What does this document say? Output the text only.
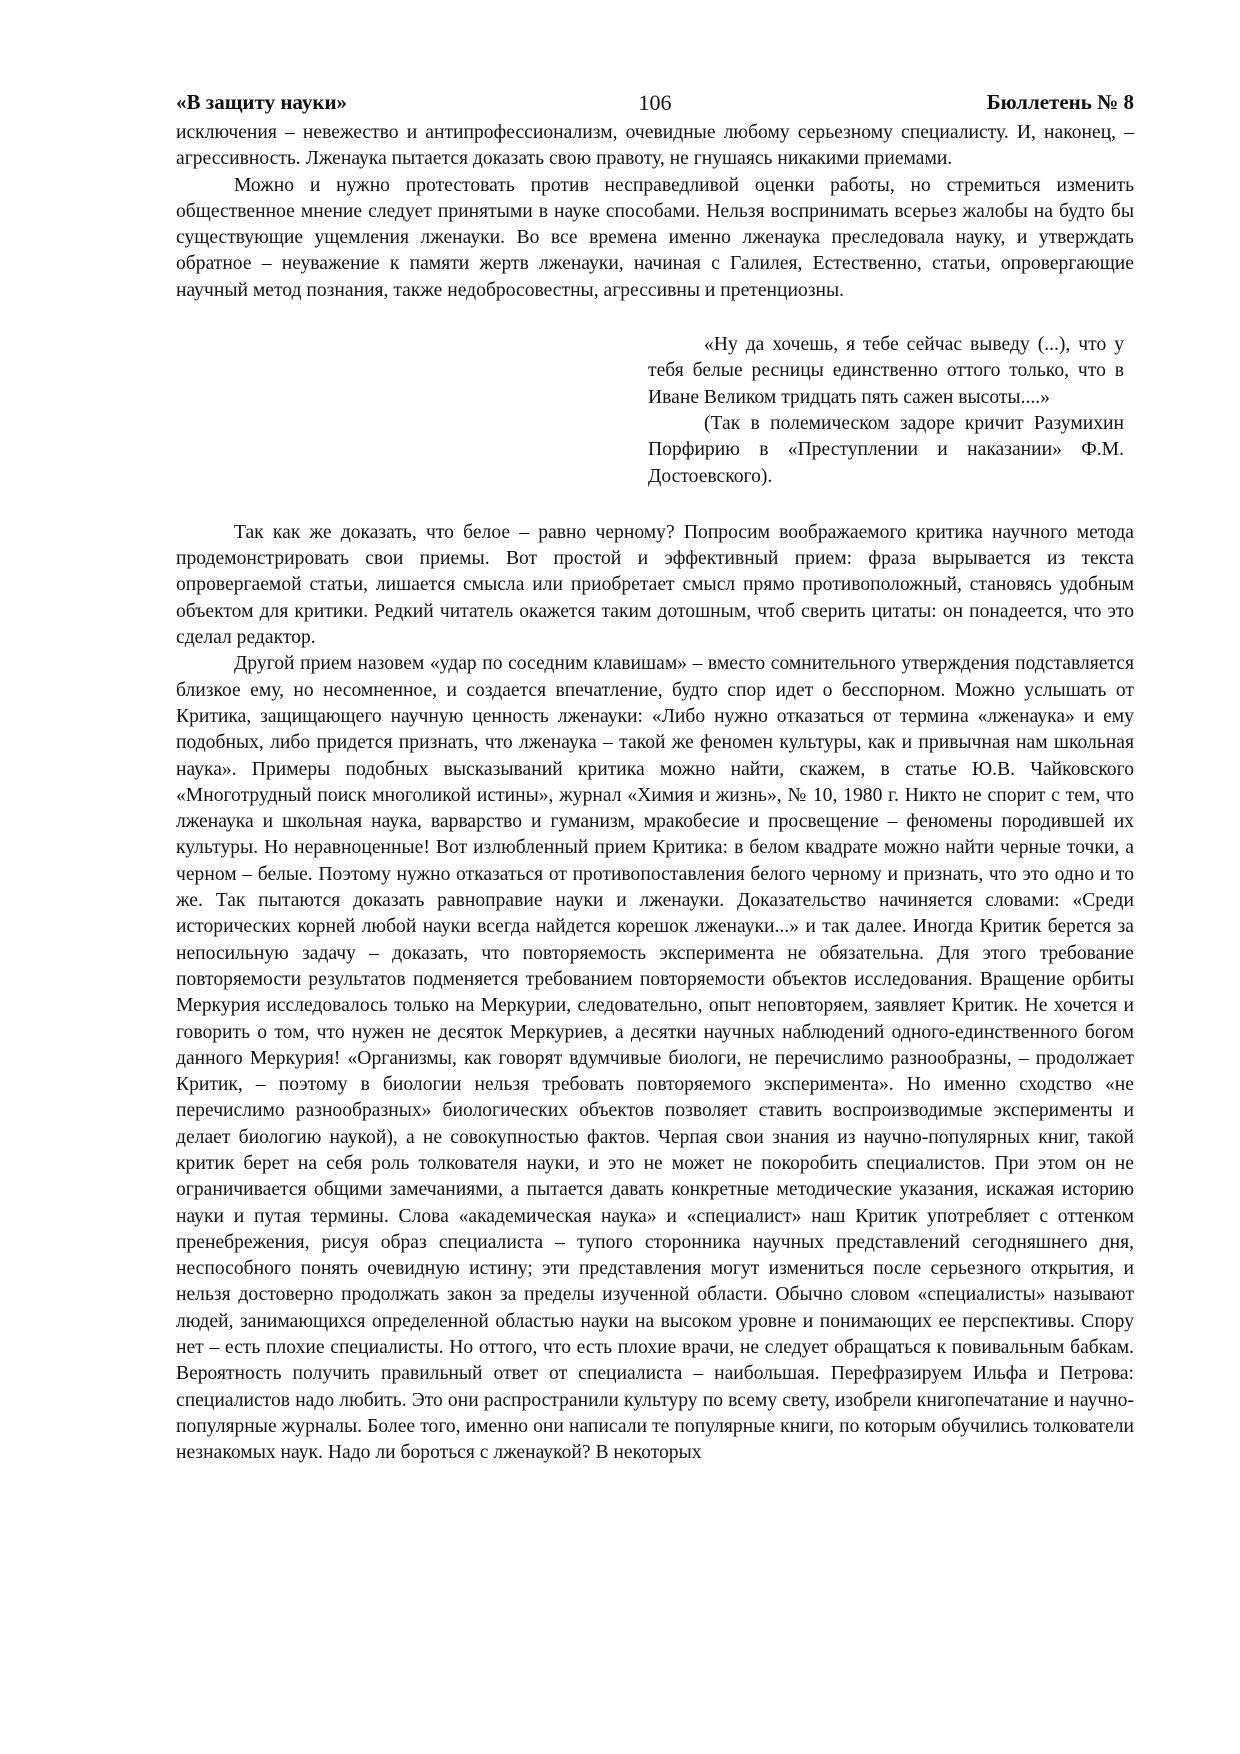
«В защиту науки»	106	Бюллетень № 8

исключения – невежество и антипрофессионализм, очевидные любому серьезному специалисту. И, наконец, – агрессивность. Лженаука пытается доказать свою правоту, не гнушаясь никакими приемами.

Можно и нужно протестовать против несправедливой оценки работы, но стремиться изменить общественное мнение следует принятыми в науке способами. Нельзя воспринимать всерьез жалобы на будто бы существующие ущемления лженауки. Во все времена именно лженаука преследовала науку, и утверждать обратное – неуважение к памяти жертв лженауки, начиная с Галилея, Естественно, статьи, опровергающие научный метод познания, также недобросовестны, агрессивны и претенциозны.

«Ну да хочешь, я тебе сейчас выведу (...), что у тебя белые ресницы единственно оттого только, что в Иване Великом тридцать пять сажен высоты....»

(Так в полемическом задоре кричит Разумихин Порфирию в «Преступлении и наказании» Ф.М. Достоевского).

Так как же доказать, что белое – равно черному? Попросим воображаемого критика научного метода продемонстрировать свои приемы. Вот простой и эффективный прием: фраза вырывается из текста опровергаемой статьи, лишается смысла или приобретает смысл прямо противоположный, становясь удобным объектом для критики. Редкий читатель окажется таким дотошным, чтоб сверить цитаты: он понадеется, что это сделал редактор.

Другой прием назовем «удар по соседним клавишам» – вместо сомнительного утверждения подставляется близкое ему, но несомненное, и создается впечатление, будто спор идет о бесспорном. Можно услышать от Критика, защищающего научную ценность лженауки: «Либо нужно отказаться от термина «лженаука» и ему подобных, либо придется признать, что лженаука – такой же феномен культуры, как и привычная нам школьная наука». Примеры подобных высказываний критика можно найти, скажем, в статье Ю.В. Чайковского «Многотрудный поиск многоликой истины», журнал «Химия и жизнь», № 10, 1980 г. Никто не спорит с тем, что лженаука и школьная наука, варварство и гуманизм, мракобесие и просвещение – феномены породившей их культуры. Но неравноценные! Вот излюбленный прием Критика: в белом квадрате можно найти черные точки, а черном – белые. Поэтому нужно отказаться от противопоставления белого черному и признать, что это одно и то же. Так пытаются доказать равноправие науки и лженауки. Доказательство начиняется словами: «Среди исторических корней любой науки всегда найдется корешок лженауки...» и так далее. Иногда Критик берется за непосильную задачу – доказать, что повторяемость эксперимента не обязательна. Для этого требование повторяемости результатов подменяется требованием повторяемости объектов исследования. Вращение орбиты Меркурия исследовалось только на Меркурии, следовательно, опыт неповторяем, заявляет Критик. Не хочется и говорить о том, что нужен не десяток Меркуриев, а десятки научных наблюдений одного-единственного богом данного Меркурия! «Организмы, как говорят вдумчивые биологи, не перечислимо разнообразны, – продолжает Критик, – поэтому в биологии нельзя требовать повторяемого эксперимента». Но именно сходство «не перечислимо разнообразных» биологических объектов позволяет ставить воспроизводимые эксперименты и делает биологию наукой), а не совокупностью фактов. Черпая свои знания из научно-популярных книг, такой критик берет на себя роль толкователя науки, и это не может не покоробить специалистов. При этом он не ограничивается общими замечаниями, а пытается давать конкретные методические указания, искажая историю науки и путая термины. Слова «академическая наука» и «специалист» наш Критик употребляет с оттенком пренебрежения, рисуя образ специалиста – тупого сторонника научных представлений сегодняшнего дня, неспособного понять очевидную истину; эти представления могут измениться после серьезного открытия, и нельзя достоверно продолжать закон за пределы изученной области. Обычно словом «специалисты» называют людей, занимающихся определенной областью науки на высоком уровне и понимающих ее перспективы. Спору нет – есть плохие специалисты. Но оттого, что есть плохие врачи, не следует обращаться к повивальным бабкам. Вероятность получить правильный ответ от специалиста – наибольшая. Перефразируем Ильфа и Петрова: специалистов надо любить. Это они распространили культуру по всему свету, изобрели книгопечатание и научно-популярные журналы. Более того, именно они написали те популярные книги, по которым обучились толкователи незнакомых наук. Надо ли бороться с лженаукой? В некоторых
